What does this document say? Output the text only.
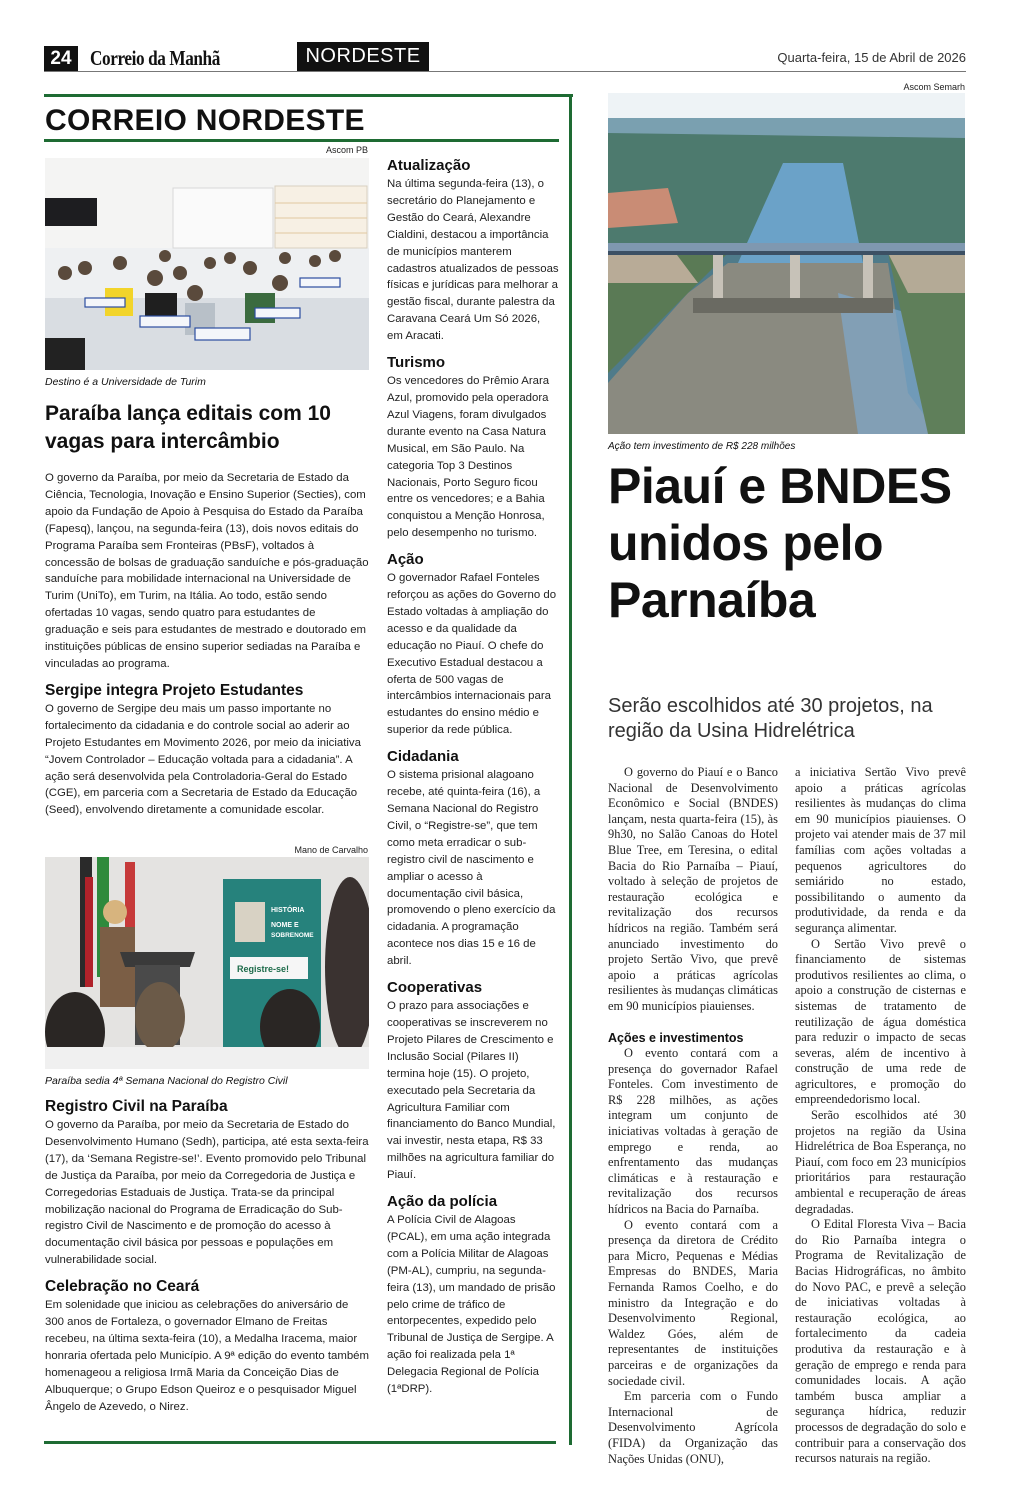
24 Correio da Manhã	NORDESTE	Quarta-feira, 15 de Abril de 2026
CORREIO NORDESTE
Ascom PB
Destino é a Universidade de Turim
Paraíba lança editais com 10 vagas para intercâmbio

O governo da Paraíba, por meio da Secretaria de Estado da Ciência, Tecnologia, Inovação e Ensino Superior (Secties), com apoio da Fundação de Apoio à Pesquisa do Estado da Paraíba (Fapesq), lançou, na segunda-feira (13), dois novos editais do Programa Paraíba sem Fronteiras (PBsF), voltados à concessão de bolsas de graduação sanduíche e pós-graduação sanduíche para mobilidade internacional na Universidade de Turim (UniTo), em Turim, na Itália. Ao todo, estão sendo ofertadas 10 vagas, sendo quatro para estudantes de graduação e seis para estudantes de mestrado e doutorado em instituições públicas de ensino superior sediadas na Paraíba e vinculadas ao programa.

Sergipe integra Projeto Estudantes

O governo de Sergipe deu mais um passo importante no fortalecimento da cidadania e do controle social ao aderir ao Projeto Estudantes em Movimento 2026, por meio da iniciativa “Jovem Controlador – Educação voltada para a cidadania”. A ação será desenvolvida pela Controladoria-Geral do Estado (CGE), em parceria com a Secretaria de Estado da Educação (Seed), envolvendo diretamente a comunidade escolar.

Mano de Carvalho
HISTÓRIA
NOME E
SOBRENOME
Registre-se!
Paraíba sedia 4ª Semana Nacional do Registro Civil
Registro Civil na Paraíba

O governo da Paraíba, por meio da Secretaria de Estado do Desenvolvimento Humano (Sedh), participa, até esta sexta-feira (17), da ‘Semana Registre-se!’. Evento promovido pelo Tribunal de Justiça da Paraíba, por meio da Corregedoria de Justiça e Corregedorias Estaduais de Justiça. Trata-se da principal mobilização nacional do Programa de Erradicação do Sub-registro Civil de Nascimento e de promoção do acesso à documentação civil básica por pessoas e populações em vulnerabilidade social.

Celebração no Ceará

Em solenidade que iniciou as celebrações do aniversário de 300 anos de Fortaleza, o governador Elmano de Freitas recebeu, na última sexta-feira (10), a Medalha Iracema, maior honraria ofertada pelo Município. A 9ª edição do evento também homenageou a religiosa Irmã Maria da Conceição Dias de Albuquerque; o Grupo Edson Queiroz e o pesquisador Miguel Ângelo de Azevedo, o Nirez.

Atualização

Na última segunda-feira (13), o secretário do Planejamento e Gestão do Ceará, Alexandre Cialdini, destacou a importância de municípios manterem cadastros atualizados de pessoas físicas e jurídicas para melhorar a gestão fiscal, durante palestra da Caravana Ceará Um Só 2026, em Aracati.

Turismo

Os vencedores do Prêmio Arara Azul, promovido pela operadora Azul Viagens, foram divulgados durante evento na Casa Natura Musical, em São Paulo. Na categoria Top 3 Destinos Nacionais, Porto Seguro ficou entre os vencedores; e a Bahia conquistou a Menção Honrosa, pelo desempenho no turismo.

Ação

O governador Rafael Fonteles reforçou as ações do Governo do Estado voltadas à ampliação do acesso e da qualidade da educação no Piauí. O chefe do Executivo Estadual destacou a oferta de 500 vagas de intercâmbios internacionais para estudantes do ensino médio e superior da rede pública.

Cidadania

O sistema prisional alagoano recebe, até quinta-feira (16), a Semana Nacional do Registro Civil, o “Registre-se”, que tem como meta erradicar o sub-registro civil de nascimento e ampliar o acesso à documentação civil básica, promovendo o pleno exercício da cidadania. A programação acontece nos dias 15 e 16 de abril.

Cooperativas

O prazo para associações e cooperativas se inscreverem no Projeto Pilares de Crescimento e Inclusão Social (Pilares II) termina hoje (15). O projeto, executado pela Secretaria da Agricultura Familiar com financiamento do Banco Mundial, vai investir, nesta etapa, R$ 33 milhões na agricultura familiar do Piauí.

Ação da polícia

A Polícia Civil de Alagoas (PCAL), em uma ação integrada com a Polícia Militar de Alagoas (PM-AL), cumpriu, na segunda-feira (13), um mandado de prisão pelo crime de tráfico de entorpecentes, expedido pelo Tribunal de Justiça de Sergipe. A ação foi realizada pela 1ª Delegacia Regional de Polícia (1ªDRP).

Ascom Semarh
Ação tem investimento de R$ 228 milhões
Piauí e BNDES unidos pelo Parnaíba
Serão escolhidos até 30 projetos, na região da Usina Hidrelétrica

O governo do Piauí e o Banco Nacional de Desenvolvimento Econômico e Social (BNDES) lançam, nesta quarta-feira (15), às 9h30, no Salão Canoas do Hotel Blue Tree, em Teresina, o edital Bacia do Rio Parnaíba – Piauí, voltado à seleção de projetos de restauração ecológica e revitalização dos recursos hídricos na região. Também será anunciado investimento do projeto Sertão Vivo, que prevê apoio a práticas agrícolas resilientes às mudanças climáticas em 90 municípios piauienses.

Ações e investimentos

O evento contará com a presença do governador Rafael Fonteles. Com investimento de R$ 228 milhões, as ações integram um conjunto de iniciativas voltadas à geração de emprego e renda, ao enfrentamento das mudanças climáticas e à restauração e revitalização dos recursos hídricos na Bacia do Parnaíba.

O evento contará com a presença da diretora de Crédito para Micro, Pequenas e Médias Empresas do BNDES, Maria Fernanda Ramos Coelho, e do ministro da Integração e do Desenvolvimento Regional, Waldez Góes, além de representantes de instituições parceiras e de organizações da sociedade civil.

Em parceria com o Fundo Internacional de Desenvolvimento Agrícola (FIDA) da Organização das Nações Unidas (ONU),

a iniciativa Sertão Vivo prevê apoio a práticas agrícolas resilientes às mudanças do clima em 90 municípios piauienses. O projeto vai atender mais de 37 mil famílias com ações voltadas a pequenos agricultores do semiárido no estado, possibilitando o aumento da produtividade, da renda e da segurança alimentar.

O Sertão Vivo prevê o financiamento de sistemas produtivos resilientes ao clima, o apoio a construção de cisternas e sistemas de tratamento de reutilização de água doméstica para reduzir o impacto de secas severas, além de incentivo à construção de uma rede de agricultores, e promoção do empreendedorismo local.

Serão escolhidos até 30 projetos na região da Usina Hidrelétrica de Boa Esperança, no Piauí, com foco em 23 municípios prioritários para restauração ambiental e recuperação de áreas degradadas.

O Edital Floresta Viva – Bacia do Rio Parnaíba integra o Programa de Revitalização de Bacias Hidrográficas, no âmbito do Novo PAC, e prevê a seleção de iniciativas voltadas à restauração ecológica, ao fortalecimento da cadeia produtiva da restauração e à geração de emprego e renda para comunidades locais. A ação também busca ampliar a segurança hídrica, reduzir processos de degradação do solo e contribuir para a conservação dos recursos naturais na região.
